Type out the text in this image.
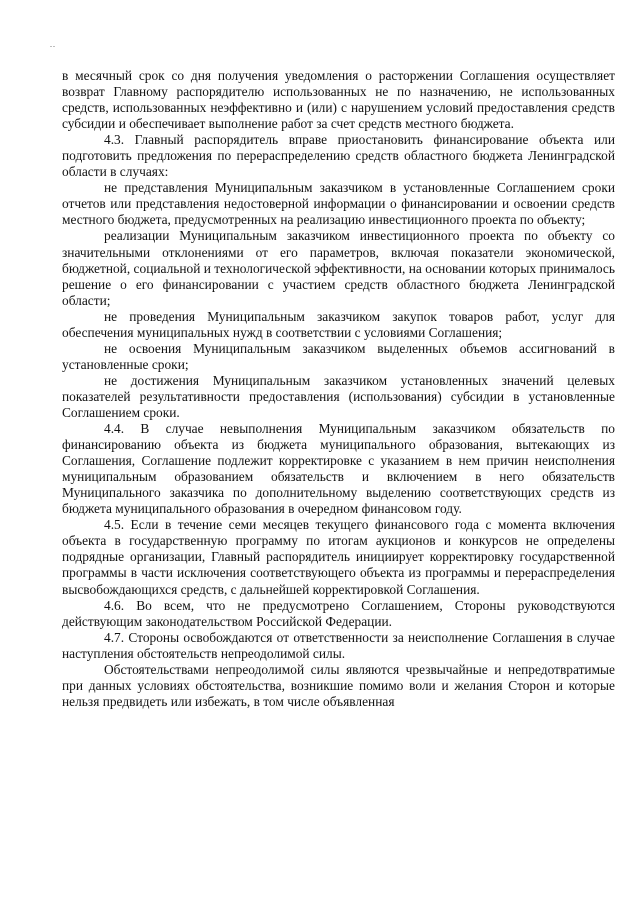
..

в месячный срок со дня получения уведомления о расторжении Соглашения осуществляет возврат Главному распорядителю использованных не по назначению, не использованных средств, использованных неэффективно и (или) с нарушением условий предоставления средств субсидии и обеспечивает выполнение работ за счет средств местного бюджета.

4.3. Главный распорядитель вправе приостановить финансирование объекта или подготовить предложения по перераспределению средств областного бюджета Ленинградской области в случаях:

не представления Муниципальным заказчиком в установленные Соглашением сроки отчетов или представления недостоверной информации о финансировании и освоении средств местного бюджета, предусмотренных на реализацию инвестиционного проекта по объекту;

реализации Муниципальным заказчиком инвестиционного проекта по объекту со значительными отклонениями от его параметров, включая показатели экономической, бюджетной, социальной и технологической эффективности, на основании которых принималось решение о его финансировании с участием средств областного бюджета Ленинградской области;

не проведения Муниципальным заказчиком закупок товаров работ, услуг для обеспечения муниципальных нужд в соответствии с условиями Соглашения;

не освоения Муниципальным заказчиком выделенных объемов ассигнований в установленные сроки;

не достижения Муниципальным заказчиком установленных значений целевых показателей результативности предоставления (использования) субсидии в установленные Соглашением сроки.

4.4. В случае невыполнения Муниципальным заказчиком обязательств по финансированию объекта из бюджета муниципального образования, вытекающих из Соглашения, Соглашение подлежит корректировке с указанием в нем причин неисполнения муниципальным образованием обязательств и включением в него обязательств Муниципального заказчика по дополнительному выделению соответствующих средств из бюджета муниципального образования в очередном финансовом году.

4.5. Если в течение семи месяцев текущего финансового года с момента включения объекта в государственную программу по итогам аукционов и конкурсов не определены подрядные организации, Главный распорядитель инициирует корректировку государственной программы в части исключения соответствующего объекта из программы и перераспределения высвобождающихся средств, с дальнейшей корректировкой Соглашения.

4.6. Во всем, что не предусмотрено Соглашением, Стороны руководствуются действующим законодательством Российской Федерации.

4.7. Стороны освобождаются от ответственности за неисполнение Соглашения в случае наступления обстоятельств непреодолимой силы.

Обстоятельствами непреодолимой силы являются чрезвычайные и непредотвратимые при данных условиях обстоятельства, возникшие помимо воли и желания Сторон и которые нельзя предвидеть или избежать, в том числе объявленная
